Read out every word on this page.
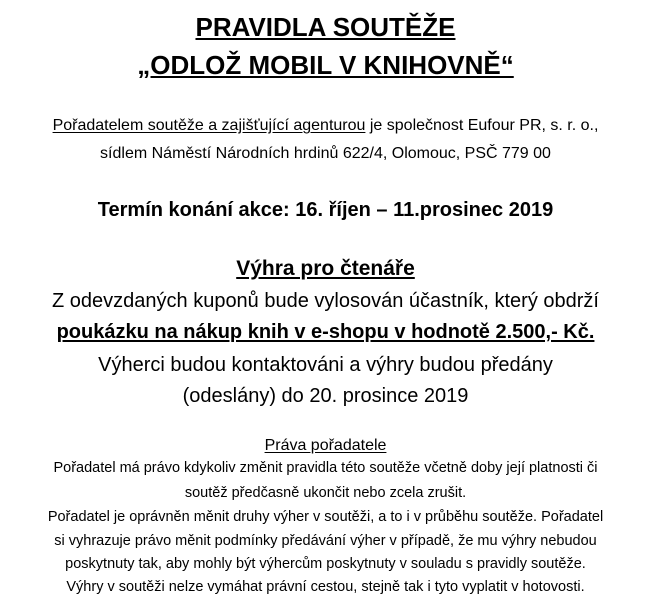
PRAVIDLA SOUTĚŽE
„ODLOŽ MOBIL V KNIHOVNĚ“
Pořadatelem soutěže a zajišťující agenturou je společnost Eufour PR, s. r. o.,
sídlem Náměstí Národních hrdinů 622/4, Olomouc, PSČ 779 00
Termín konání akce: 16. říjen – 11.prosinec 2019
Výhra pro čtenáře
Z odevzdaných kuponů bude vylosován účastník, který obdrží
poukázku na nákup knih v e-shopu v hodnotě 2.500,- Kč.
Výherci budou kontaktováni a výhry budou předány
(odeslány) do 20. prosince 2019
Práva pořadatele
Pořadatel má právo kdykoliv změnit pravidla této soutěže včetně doby její platnosti či
soutěž předčasně ukončit nebo zcela zrušit.
Pořadatel je oprávněn měnit druhy výher v soutěži, a to i v průběhu soutěže. Pořadatel
si vyhrazuje právo měnit podmínky předávání výher v případě, že mu výhry nebudou
poskytnuty tak, aby mohly být výhercům poskytnuty v souladu s pravidly soutěže.
Výhry v soutěži nelze vymáhat právní cestou, stejně tak i tyto vyplatit v hotovosti.
